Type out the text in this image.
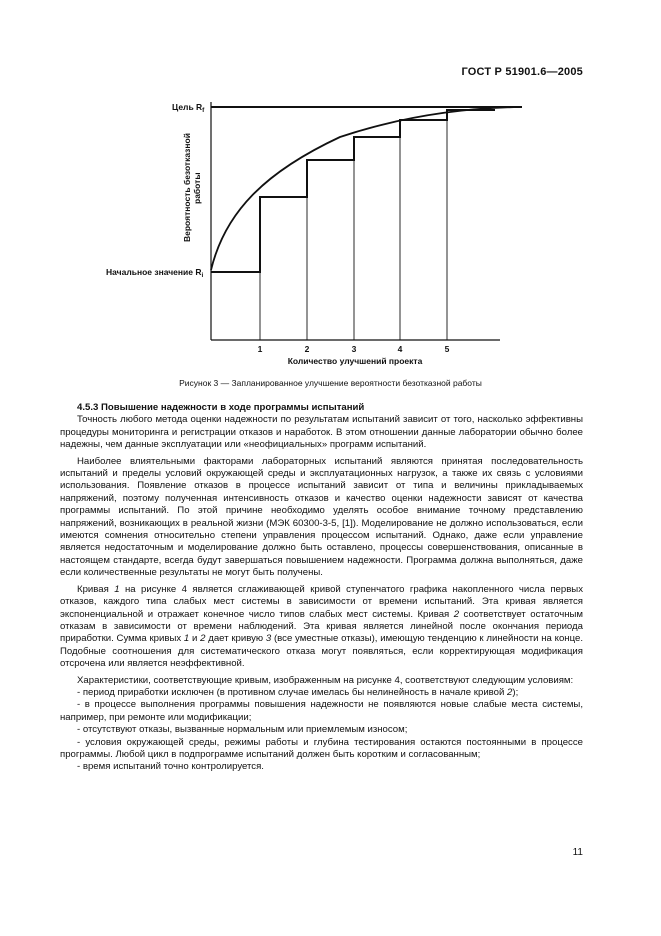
ГОСТ Р 51901.6—2005
Цель $R_f$
Начальное значение $R_i$
Вероятность безотказной работы
1	2	3	4	5
Количество улучшений проекта
Рисунок 3 — Запланированное улучшение вероятности безотказной работы

4.5.3 Повышение надежности в ходе программы испытаний

Точность любого метода оценки надежности по результатам испытаний зависит от того, насколько эффективны процедуры мониторинга и регистрации отказов и наработок. В этом отношении данные лаборатории обычно более надежны, чем данные эксплуатации или «неофициальных» программ испытаний.

Наиболее влиятельными факторами лабораторных испытаний являются принятая последовательность испытаний и пределы условий окружающей среды и эксплуатационных нагрузок, а также их связь с условиями использования. Появление отказов в процессе испытаний зависит от типа и величины прикладываемых напряжений, поэтому полученная интенсивность отказов и качество оценки надежности зависят от качества программы испытаний. По этой причине необходимо уделять особое внимание точному представлению напряжений, возникающих в реальной жизни (МЭК 60300-3-5, [1]). Моделирование не должно использоваться, если имеются сомнения относительно степени управления процессом испытаний. Однако, даже если управление является недостаточным и моделирование должно быть оставлено, процессы совершенствования, описанные в настоящем стандарте, всегда будут завершаться повышением надежности. Программа должна выполняться, даже если количественные результаты не могут быть получены.

Кривая 1 на рисунке 4 является сглаживающей кривой ступенчатого графика накопленного числа первых отказов, каждого типа слабых мест системы в зависимости от времени испытаний. Эта кривая является экспоненциальной и отражает конечное число типов слабых мест системы. Кривая 2 соответствует остаточным отказам в зависимости от времени наблюдений. Эта кривая является линейной после окончания периода приработки. Сумма кривых 1 и 2 дает кривую 3 (все уместные отказы), имеющую тенденцию к линейности на конце. Подобные соотношения для систематического отказа могут появляться, если корректирующая модификация отсрочена или является неэффективной.

Характеристики, соответствующие кривым, изображенным на рисунке 4, соответствуют следующим условиям:

- период приработки исключен (в противном случае имелась бы нелинейность в начале кривой 2);

- в процессе выполнения программы повышения надежности не появляются новые слабые места системы, например, при ремонте или модификации;

- отсутствуют отказы, вызванные нормальным или приемлемым износом;

- условия окружающей среды, режимы работы и глубина тестирования остаются постоянными в процессе программы. Любой цикл в подпрограмме испытаний должен быть коротким и согласованным;

- время испытаний точно контролируется.

11
